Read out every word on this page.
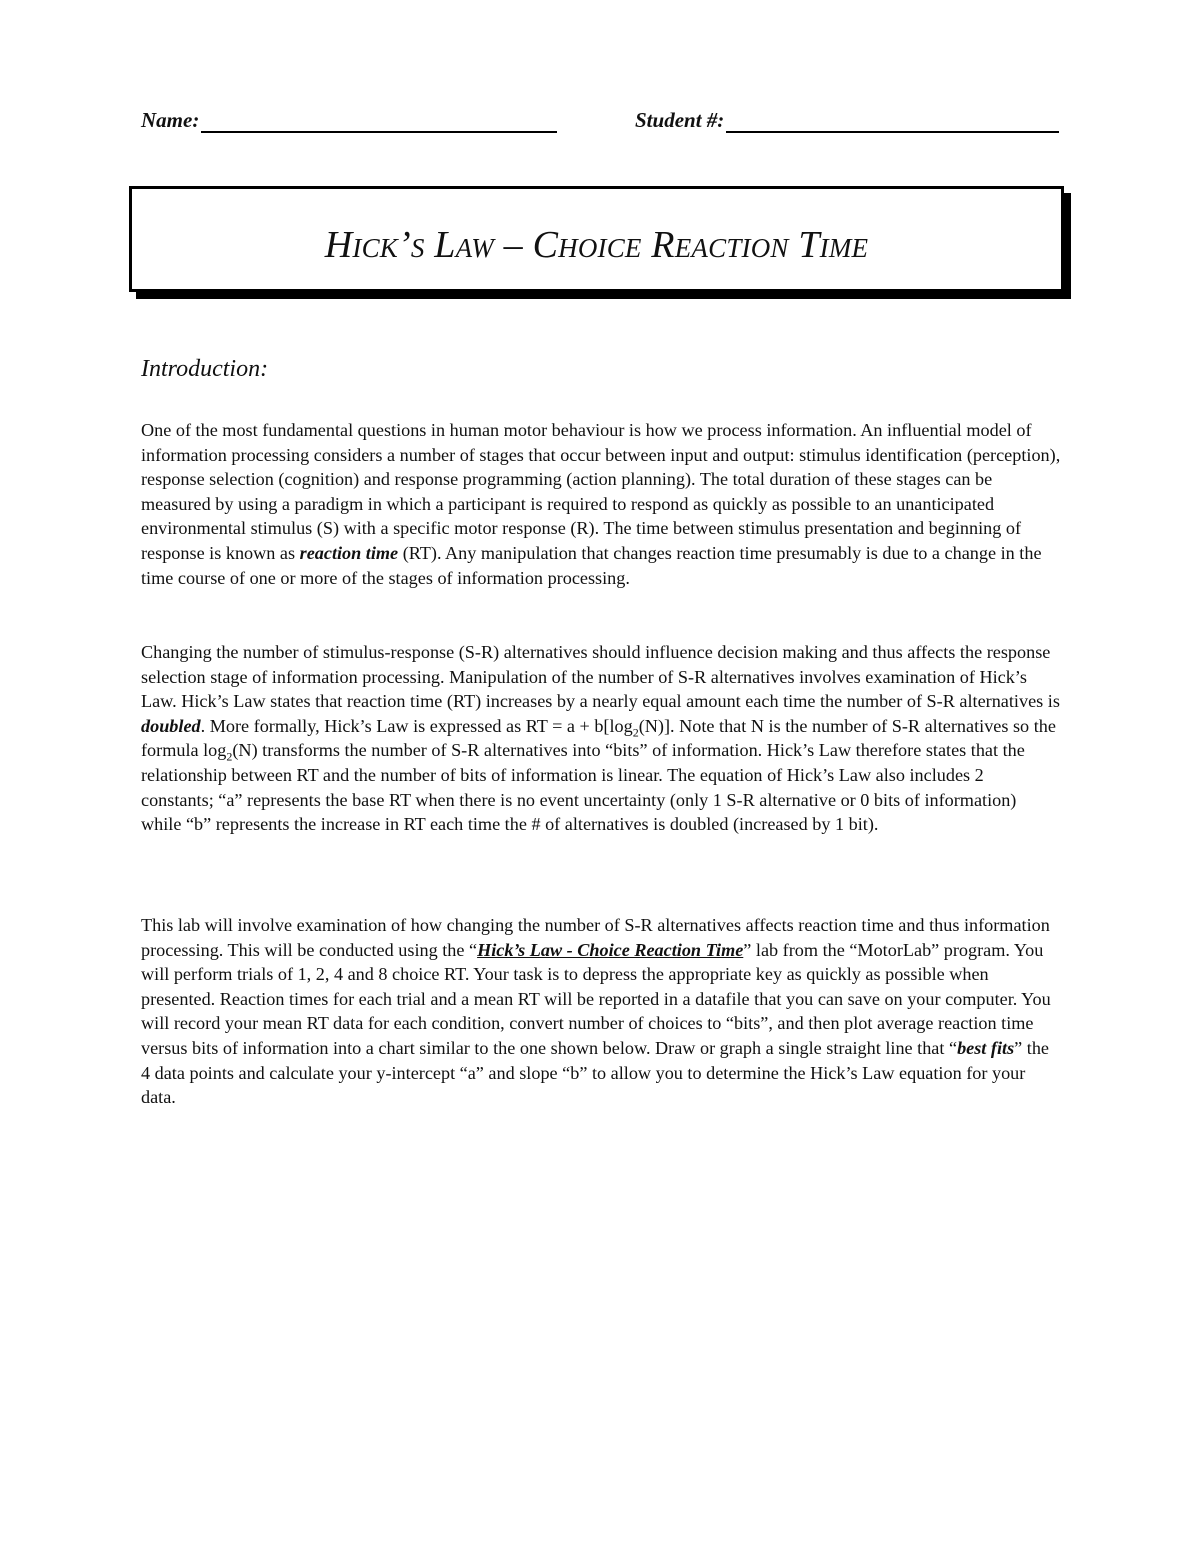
Name:	Student #:
Hick’s Law – Choice Reaction Time
Introduction:

One of the most fundamental questions in human motor behaviour is how we process information. An influential model of information processing considers a number of stages that occur between input and output: stimulus identification (perception), response selection (cognition) and response programming (action planning). The total duration of these stages can be measured by using a paradigm in which a participant is required to respond as quickly as possible to an unanticipated environmental stimulus (S) with a specific motor response (R). The time between stimulus presentation and beginning of response is known as reaction time (RT). Any manipulation that changes reaction time presumably is due to a change in the time course of one or more of the stages of information processing.

Changing the number of stimulus-response (S-R) alternatives should influence decision making and thus affects the response selection stage of information processing. Manipulation of the number of S-R alternatives involves examination of Hick’s Law. Hick’s Law states that reaction time (RT) increases by a nearly equal amount each time the number of S-R alternatives is doubled. More formally, Hick’s Law is expressed as RT = $a + b[\log_2(N)]$. Note that N is the number of S-R alternatives so the formula $\log_2(N)$ transforms the number of S-R alternatives into “bits” of information. Hick’s Law therefore states that the relationship between RT and the number of bits of information is linear. The equation of Hick’s Law also includes 2 constants; “a” represents the base RT when there is no event uncertainty (only 1 S-R alternative or 0 bits of information) while “b” represents the increase in RT each time the # of alternatives is doubled (increased by 1 bit).

This lab will involve examination of how changing the number of S-R alternatives affects reaction time and thus information processing. This will be conducted using the “Hick’s Law - Choice Reaction Time” lab from the “MotorLab” program. You will perform trials of 1, 2, 4 and 8 choice RT. Your task is to depress the appropriate key as quickly as possible when presented. Reaction times for each trial and a mean RT will be reported in a datafile that you can save on your computer. You will record your mean RT data for each condition, convert number of choices to “bits”, and then plot average reaction time versus bits of information into a chart similar to the one shown below. Draw or graph a single straight line that “best fits” the 4 data points and calculate your y-intercept “a” and slope “b” to allow you to determine the Hick’s Law equation for your data.
